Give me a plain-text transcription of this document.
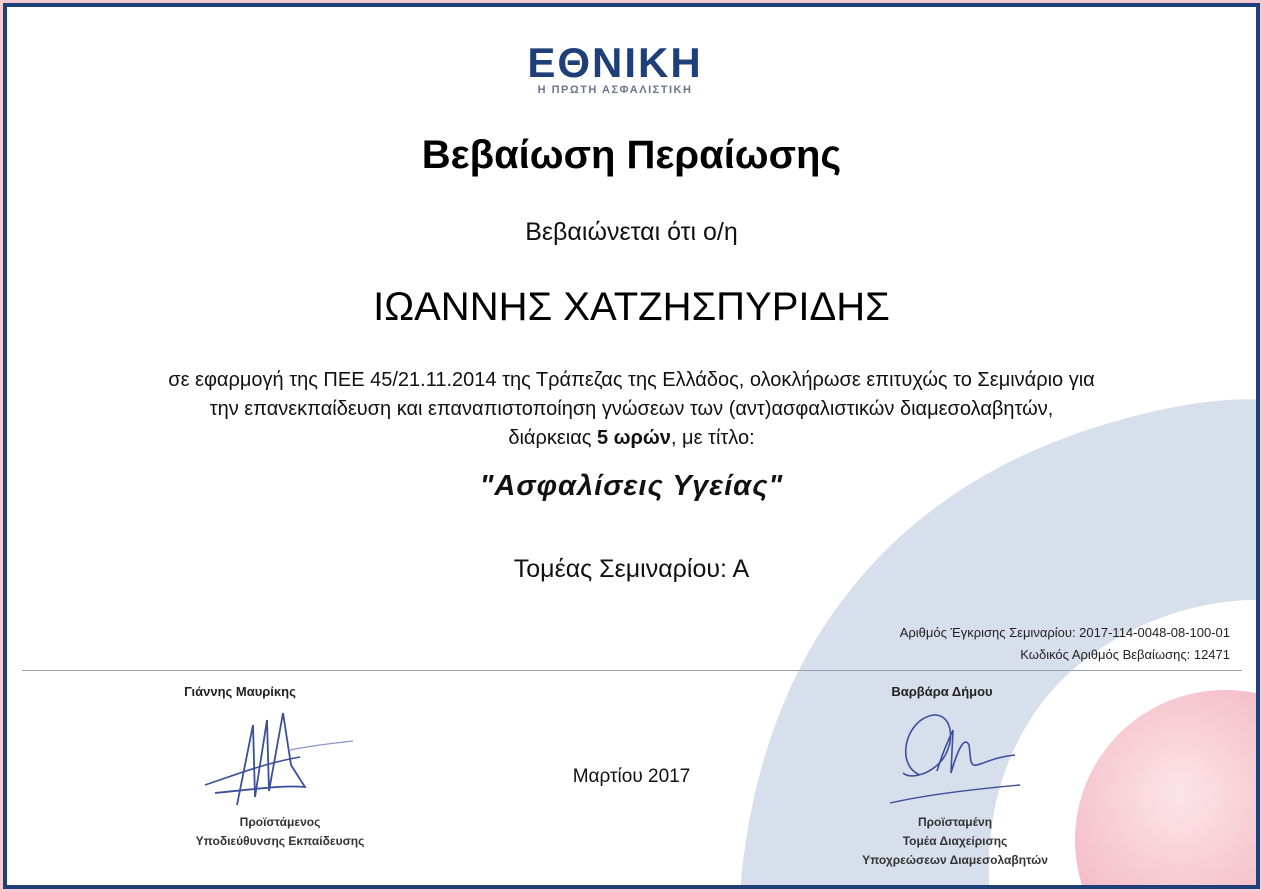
ΕΘΝΙΚΗ
Η ΠΡΩΤΗ ΑΣΦΑΛΙΣΤΙΚΗ
Βεβαίωση Περαίωσης
Βεβαιώνεται ότι ο/η
ΙΩΑΝΝΗΣ ΧΑΤΖΗΣΠΥΡΙΔΗΣ
σε εφαρμογή της ΠΕΕ 45/21.11.2014 της Τράπεζας της Ελλάδος, ολοκλήρωσε επιτυχώς το Σεμινάριο για
την επανεκπαίδευση και επαναπιστοποίηση γνώσεων των (αντ)ασφαλιστικών διαμεσολαβητών,
διάρκειας 5 ωρών, με τίτλο:
"Ασφαλίσεις Υγείας"
Τομέας Σεμιναρίου: Α
Αριθμός Έγκρισης Σεμιναρίου: 2017-114-0048-08-100-01
Κωδικός Αριθμός Βεβαίωσης: 12471
Γιάννης Μαυρίκης
Προϊστάμενος
Υποδιεύθυνσης Εκπαίδευσης
Μαρτίου 2017
Βαρβάρα Δήμου
Προϊσταμένη
Τομέα Διαχείρισης
Υποχρεώσεων Διαμεσολαβητών
